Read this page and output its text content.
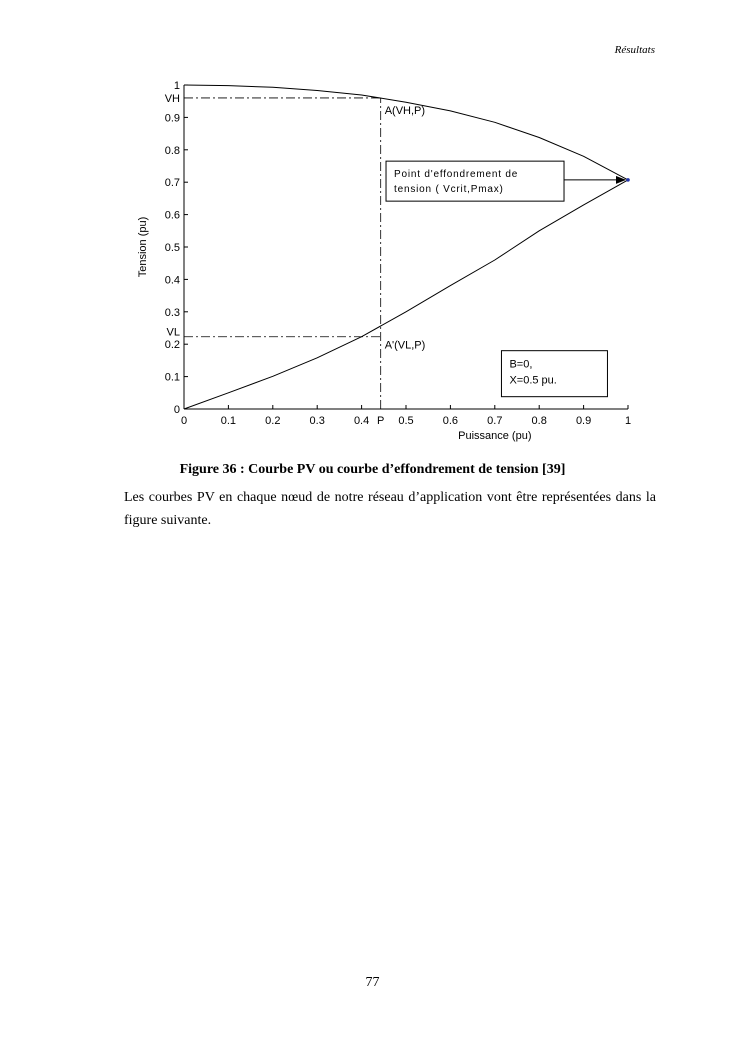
Résultats
0	0.1	0.2	0.3	0.4	0.5	0.6	0.7	0.8	0.9	1
0
0.1
0.2
0.3
0.4
0.5
0.6
0.7
0.8
0.9
1
Puissance (pu)
Tension (pu)
VH
VL
P
A(VH,P)
A'(VL,P)
Point d'effondrement de
tension ( Vcrit,Pmax)
B=0,
X=0.5 pu.
Figure 36 : Courbe PV ou courbe d’effondrement de tension [39]
Les courbes PV en chaque nœud de notre réseau d’application vont être représentées dans la figure suivante.
77
